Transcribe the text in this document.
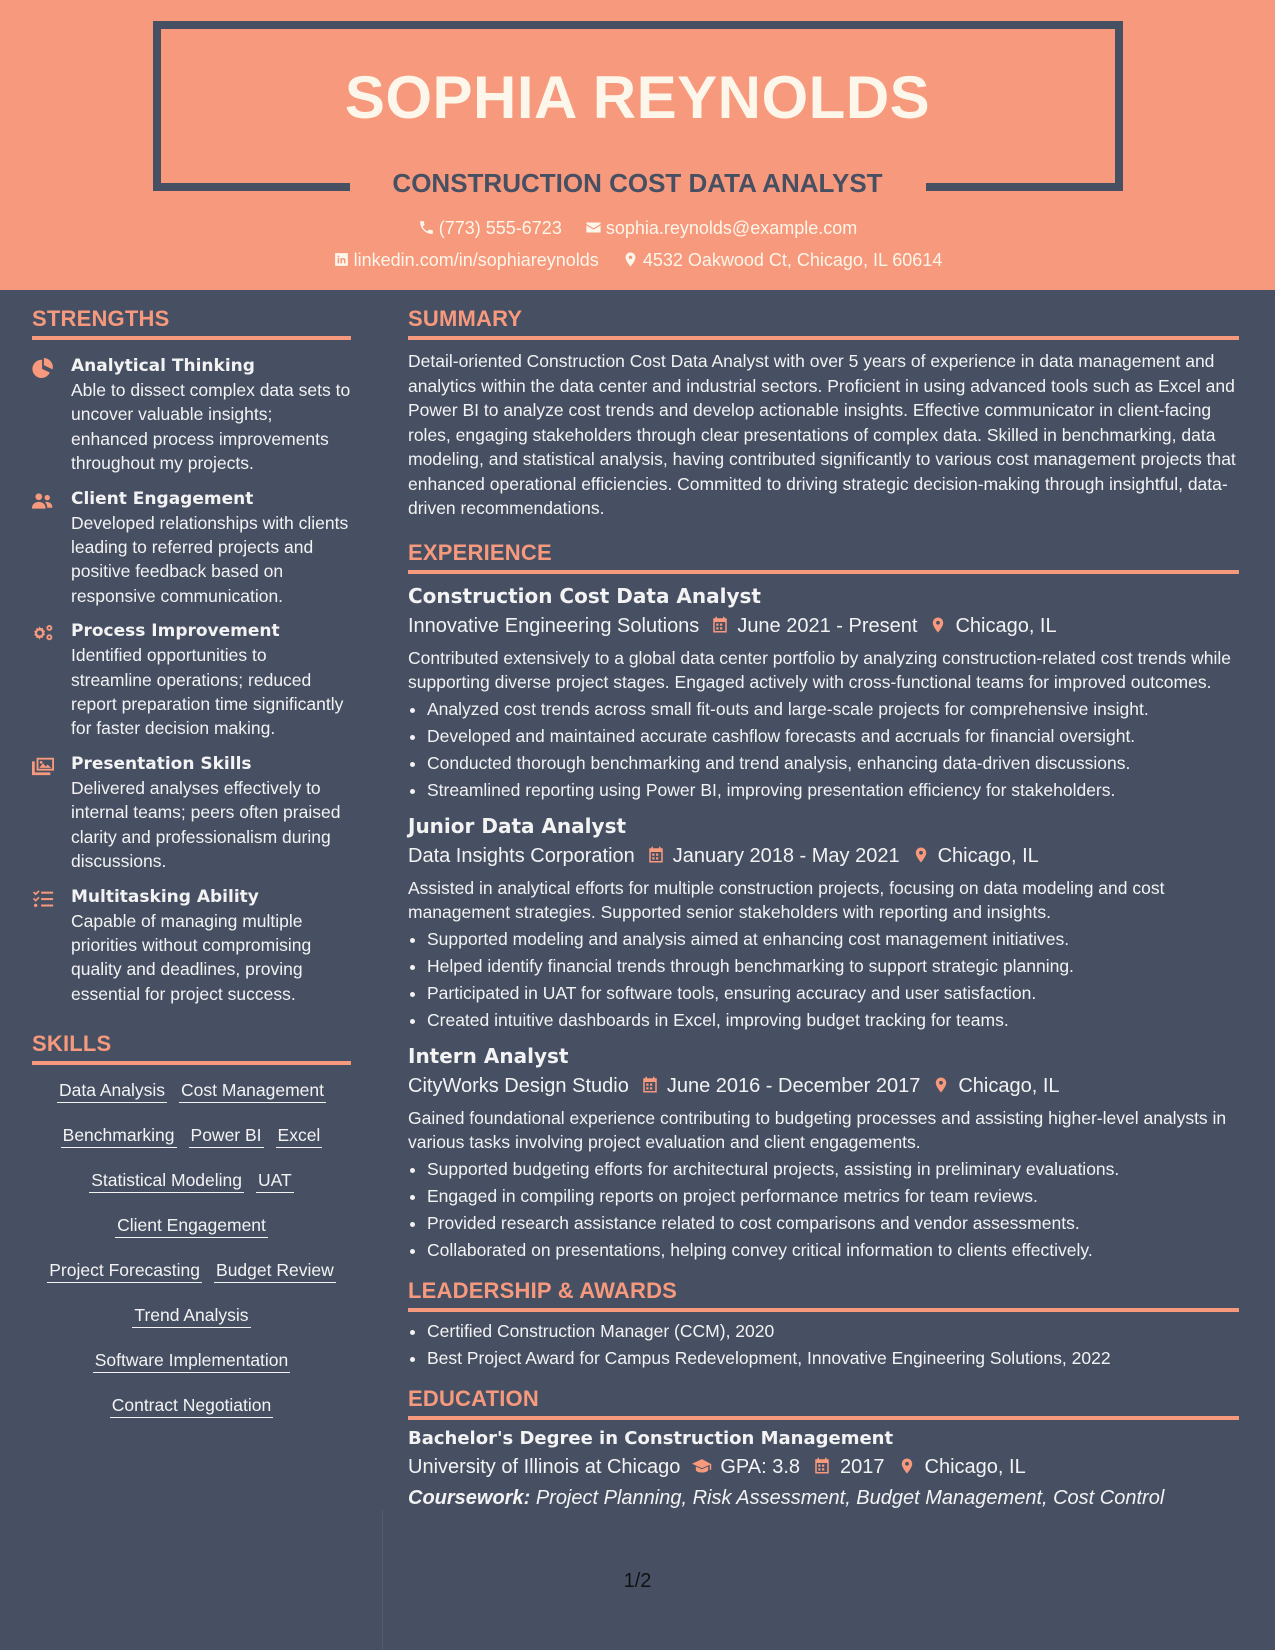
SOPHIA REYNOLDS
CONSTRUCTION COST DATA ANALYST
(773) 555-6723 sophia.reynolds@example.com
linkedin.com/in/sophiareynolds 4532 Oakwood Ct, Chicago, IL 60614
STRENGTHS
Analytical Thinking
Able to dissect complex data sets to uncover valuable insights; enhanced process improvements throughout my projects.
Client Engagement
Developed relationships with clients leading to referred projects and positive feedback based on responsive communication.
Process Improvement
Identified opportunities to streamline operations; reduced report preparation time significantly for faster decision making.
Presentation Skills
Delivered analyses effectively to internal teams; peers often praised clarity and professionalism during discussions.
Multitasking Ability
Capable of managing multiple priorities without compromising quality and deadlines, proving essential for project success.
SKILLS
Data Analysis Cost Management
Benchmarking Power BI Excel
Statistical Modeling UAT
Client Engagement
Project Forecasting Budget Review
Trend Analysis
Software Implementation
Contract Negotiation
SUMMARY

Detail-oriented Construction Cost Data Analyst with over 5 years of experience in data management and analytics within the data center and industrial sectors. Proficient in using advanced tools such as Excel and Power BI to analyze cost trends and develop actionable insights. Effective communicator in client-facing roles, engaging stakeholders through clear presentations of complex data. Skilled in benchmarking, data modeling, and statistical analysis, having contributed significantly to various cost management projects that enhanced operational efficiencies. Committed to driving strategic decision-making through insightful, data-driven recommendations.

EXPERIENCE
Construction Cost Data Analyst
Innovative Engineering Solutions June 2021 - Present Chicago, IL

Contributed extensively to a global data center portfolio by analyzing construction-related cost trends while supporting diverse project stages. Engaged actively with cross-functional teams for improved outcomes.

• Analyzed cost trends across small fit-outs and large-scale projects for comprehensive insight.
• Developed and maintained accurate cashflow forecasts and accruals for financial oversight.
• Conducted thorough benchmarking and trend analysis, enhancing data-driven discussions.
• Streamlined reporting using Power BI, improving presentation efficiency for stakeholders.
Junior Data Analyst
Data Insights Corporation January 2018 - May 2021 Chicago, IL

Assisted in analytical efforts for multiple construction projects, focusing on data modeling and cost management strategies. Supported senior stakeholders with reporting and insights.

• Supported modeling and analysis aimed at enhancing cost management initiatives.
• Helped identify financial trends through benchmarking to support strategic planning.
• Participated in UAT for software tools, ensuring accuracy and user satisfaction.
• Created intuitive dashboards in Excel, improving budget tracking for teams.
Intern Analyst
CityWorks Design Studio June 2016 - December 2017 Chicago, IL

Gained foundational experience contributing to budgeting processes and assisting higher-level analysts in various tasks involving project evaluation and client engagements.

• Supported budgeting efforts for architectural projects, assisting in preliminary evaluations.
• Engaged in compiling reports on project performance metrics for team reviews.
• Provided research assistance related to cost comparisons and vendor assessments.
• Collaborated on presentations, helping convey critical information to clients effectively.
LEADERSHIP & AWARDS
• Certified Construction Manager (CCM), 2020
• Best Project Award for Campus Redevelopment, Innovative Engineering Solutions, 2022
EDUCATION
Bachelor's Degree in Construction Management
University of Illinois at Chicago GPA: 3.8 2017 Chicago, IL
Coursework: Project Planning, Risk Assessment, Budget Management, Cost Control
1/2
